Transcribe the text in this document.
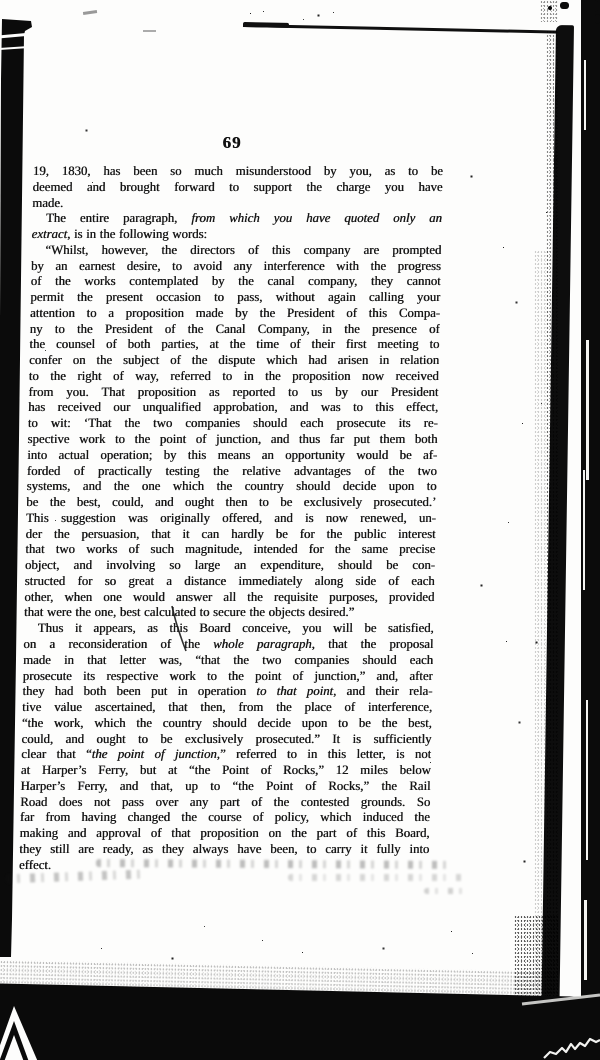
69
19, 1830, has been so much misunderstood by you, as to be
deemed and brought forward to support the charge you have
made.
The entire paragraph, from which you have quoted only an
extract, is in the following words:
“Whilst, however, the directors of this company are prompted
by an earnest desire, to avoid any interference with the progress
of the works contemplated by the canal company, they cannot
permit the present occasion to pass, without again calling your
attention to a proposition made by the President of this Compa-
ny to the President of the Canal Company, in the presence of
the counsel of both parties, at the time of their first meeting to
confer on the subject of the dispute which had arisen in relation
to the right of way, referred to in the proposition now received
from you. That proposition as reported to us by our President
has received our unqualified approbation, and was to this effect,
to wit: ‘That the two companies should each prosecute its re-
spective work to the point of junction, and thus far put them both
into actual operation; by this means an opportunity would be af-
forded of practically testing the relative advantages of the two
systems, and the one which the country should decide upon to
be the best, could, and ought then to be exclusively prosecuted.’
This suggestion was originally offered, and is now renewed, un-
der the persuasion, that it can hardly be for the public interest
that two works of such magnitude, intended for the same precise
object, and involving so large an expenditure, should be con-
structed for so great a distance immediately along side of each
other, when one would answer all the requisite purposes, provided
that were the one, best calculated to secure the objects desired.”
Thus it appears, as this Board conceive, you will be satisfied,
on a reconsideration of the whole paragraph, that the proposal
made in that letter was, “that the two companies should each
prosecute its respective work to the point of junction,” and, after
they had both been put in operation to that point, and their rela-
tive value ascertained, that then, from the place of interference,
“the work, which the country should decide upon to be the best,
could, and ought to be exclusively prosecuted.” It is sufficiently
clear that “the point of junction,” referred to in this letter, is not
at Harper’s Ferry, but at “the Point of Rocks,” 12 miles below
Harper’s Ferry, and that, up to “the Point of Rocks,” the Rail
Road does not pass over any part of the contested grounds. So
far from having changed the course of policy, which induced the
making and approval of that proposition on the part of this Board,
they still are ready, as they always have been, to carry it fully into
effect.
